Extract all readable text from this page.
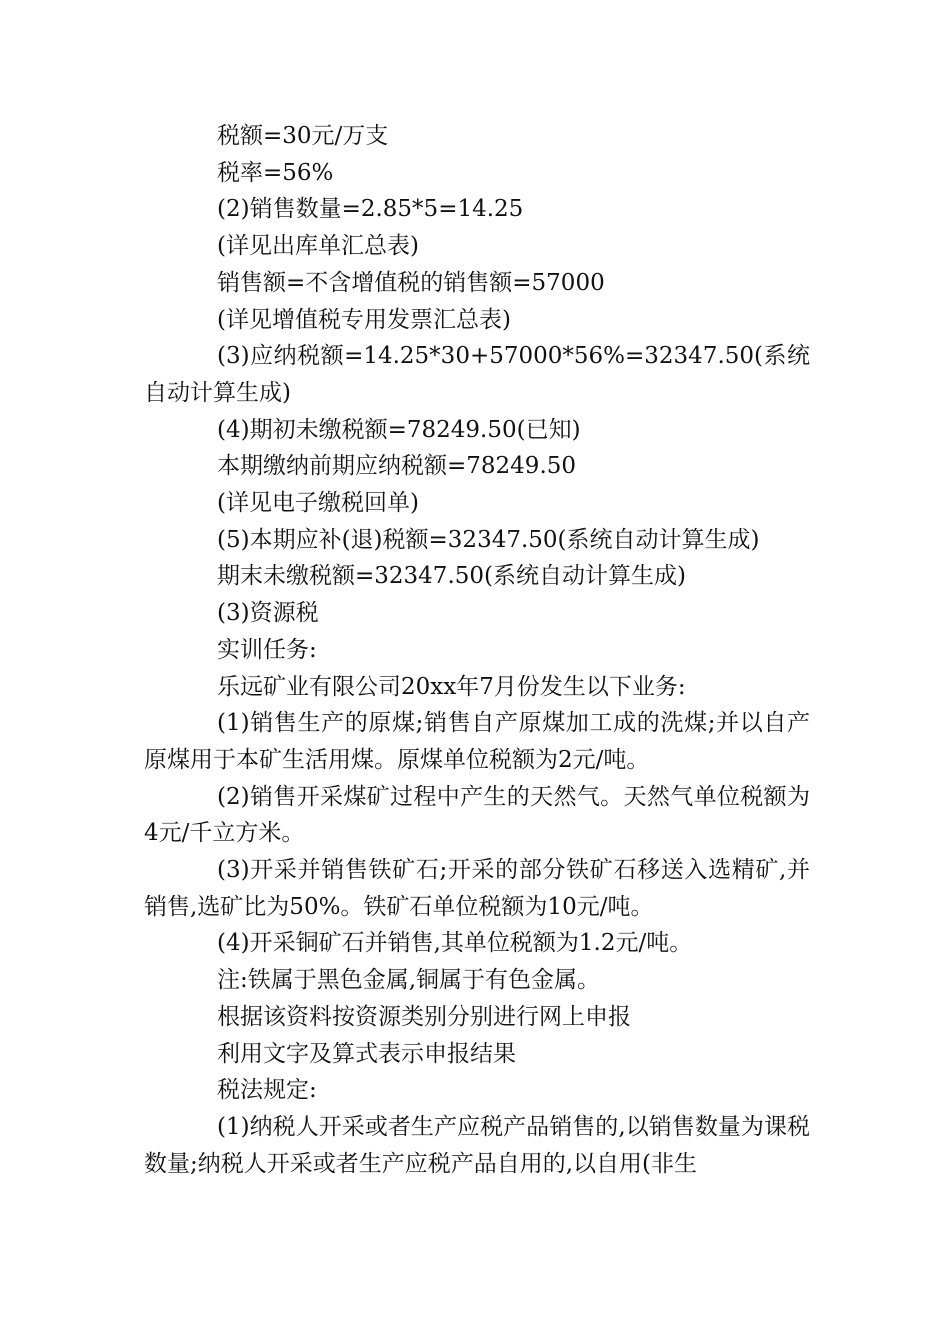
税额=30元/万支

税率=56%

(2)销售数量=2.85*5=14.25

(详见出库单汇总表)

销售额=不含增值税的销售额=57000

(详见增值税专用发票汇总表)

(3)应纳税额=14.25*30+57000*56%=32347.50(系统自动计算生成)

(4)期初未缴税额=78249.50(已知)

本期缴纳前期应纳税额=78249.50

(详见电子缴税回单)

(5)本期应补(退)税额=32347.50(系统自动计算生成)

期末未缴税额=32347.50(系统自动计算生成)

(3)资源税

实训任务:

乐远矿业有限公司20xx年7月份发生以下业务:

(1)销售生产的原煤;销售自产原煤加工成的洗煤;并以自产原煤用于本矿生活用煤。原煤单位税额为2元/吨。

(2)销售开采煤矿过程中产生的天然气。天然气单位税额为4元/千立方米。

(3)开采并销售铁矿石;开采的部分铁矿石移送入选精矿,并销售,选矿比为50%。铁矿石单位税额为10元/吨。

(4)开采铜矿石并销售,其单位税额为1.2元/吨。

注:铁属于黑色金属,铜属于有色金属。

根据该资料按资源类别分别进行网上申报

利用文字及算式表示申报结果

税法规定:

(1)纳税人开采或者生产应税产品销售的,以销售数量为课税数量;纳税人开采或者生产应税产品自用的,以自用(非生
